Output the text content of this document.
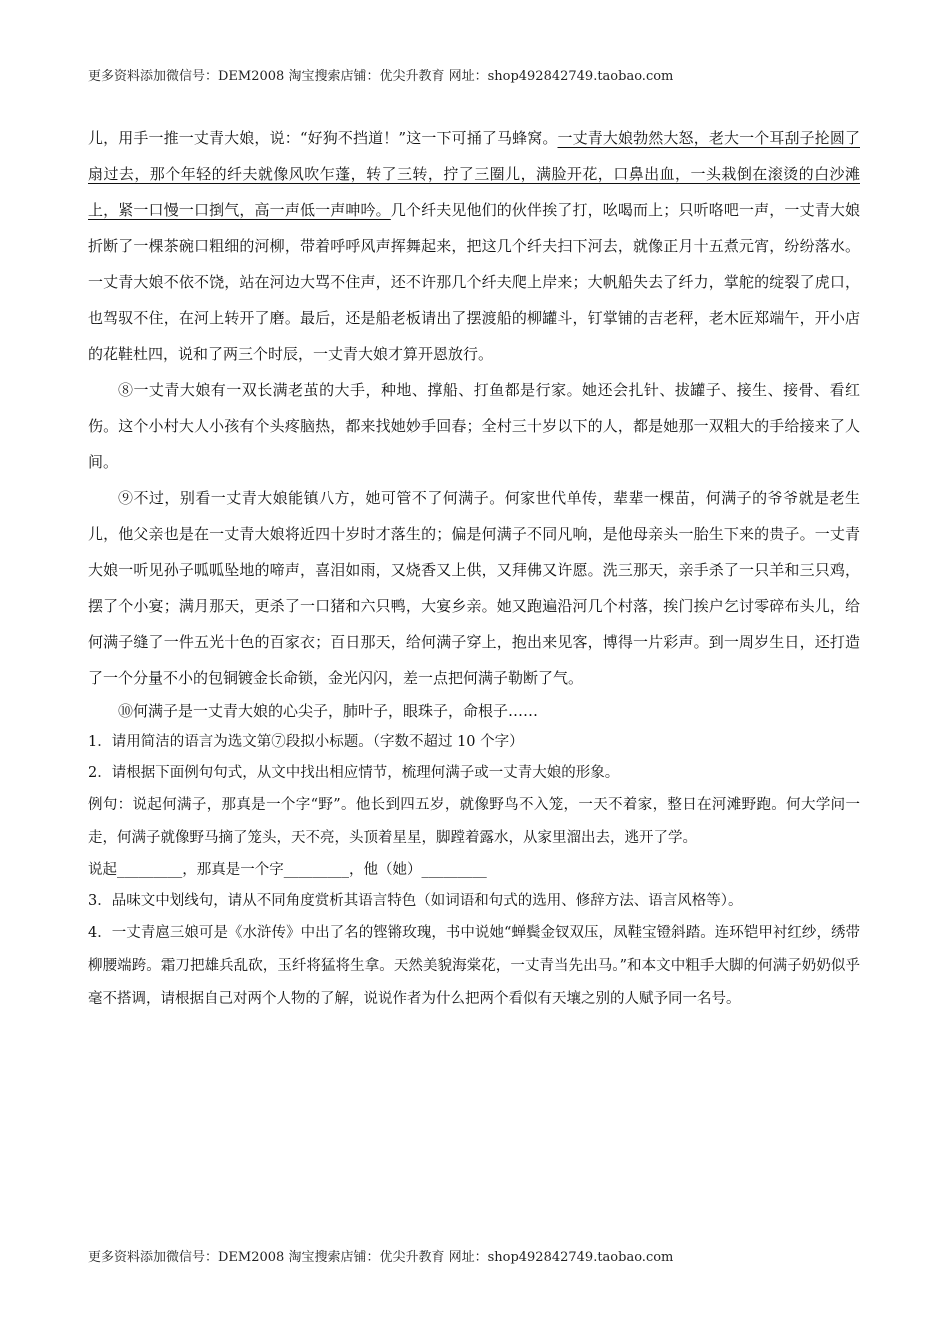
更多资料添加微信号：DEM2008 淘宝搜索店铺：优尖升教育 网址：shop492842749.taobao.com

儿，用手一推一丈青大娘，说：“好狗不挡道！”这一下可捅了马蜂窝。一丈青大娘勃然大怒，老大一个耳刮子抡圆了扇过去，那个年轻的纤夫就像风吹乍蓬，转了三转，拧了三圈儿，满脸开花，口鼻出血，一头栽倒在滚烫的白沙滩上，紧一口慢一口捯气，高一声低一声呻吟。几个纤夫见他们的伙伴挨了打，吆喝而上；只听咯吧一声，一丈青大娘折断了一棵茶碗口粗细的河柳，带着呼呼风声挥舞起来，把这几个纤夫扫下河去，就像正月十五煮元宵，纷纷落水。一丈青大娘不依不饶，站在河边大骂不住声，还不许那几个纤夫爬上岸来；大帆船失去了纤力，掌舵的绽裂了虎口，也驾驭不住，在河上转开了磨。最后，还是船老板请出了摆渡船的柳罐斗，钉掌铺的吉老秤，老木匠郑端午，开小店的花鞋杜四，说和了两三个时辰，一丈青大娘才算开恩放行。

⑧一丈青大娘有一双长满老茧的大手，种地、撑船、打鱼都是行家。她还会扎针、拔罐子、接生、接骨、看红伤。这个小村大人小孩有个头疼脑热，都来找她妙手回春；全村三十岁以下的人，都是她那一双粗大的手给接来了人间。

⑨不过，别看一丈青大娘能镇八方，她可管不了何满子。何家世代单传，辈辈一棵苗，何满子的爷爷就是老生儿，他父亲也是在一丈青大娘将近四十岁时才落生的；偏是何满子不同凡响，是他母亲头一胎生下来的贵子。一丈青大娘一听见孙子呱呱坠地的啼声，喜泪如雨，又烧香又上供，又拜佛又许愿。洗三那天，亲手杀了一只羊和三只鸡，摆了个小宴；满月那天，更杀了一口猪和六只鸭，大宴乡亲。她又跑遍沿河几个村落，挨门挨户乞讨零碎布头儿，给何满子缝了一件五光十色的百家衣；百日那天，给何满子穿上，抱出来见客，博得一片彩声。到一周岁生日，还打造了一个分量不小的包铜镀金长命锁，金光闪闪，差一点把何满子勒断了气。

⑩何满子是一丈青大娘的心尖子，肺叶子，眼珠子，命根子……

1．请用简洁的语言为选文第⑦段拟小标题。（字数不超过 10 个字）

2．请根据下面例句句式，从文中找出相应情节，梳理何满子或一丈青大娘的形象。

例句：说起何满子，那真是一个字“野”。他长到四五岁，就像野鸟不入笼，一天不着家，整日在河滩野跑。何大学问一走，何满子就像野马摘了笼头，天不亮，头顶着星星，脚蹚着露水，从家里溜出去，逃开了学。

说起_________，那真是一个字_________，他（她）_________

3．品味文中划线句，请从不同角度赏析其语言特色（如词语和句式的选用、修辞方法、语言风格等）。

4．一丈青扈三娘可是《水浒传》中出了名的铿锵玫瑰，书中说她“蝉鬓金钗双压，凤鞋宝镫斜踏。连环铠甲衬红纱，绣带柳腰端跨。霜刀把雄兵乱砍，玉纤将猛将生拿。天然美貌海棠花，一丈青当先出马。”和本文中粗手大脚的何满子奶奶似乎毫不搭调，请根据自己对两个人物的了解，说说作者为什么把两个看似有天壤之别的人赋予同一名号。

更多资料添加微信号：DEM2008 淘宝搜索店铺：优尖升教育 网址：shop492842749.taobao.com
